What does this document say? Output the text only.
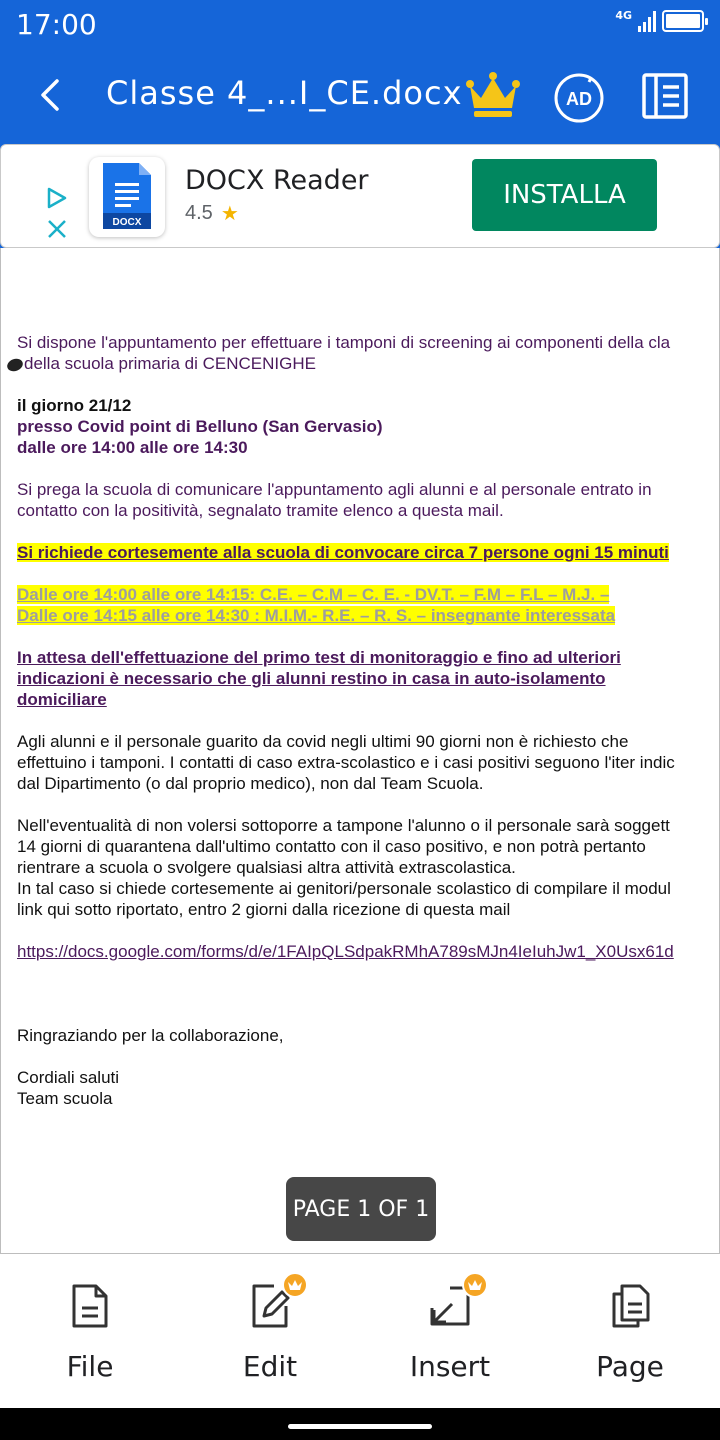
17:00	4G
Classe 4_...I_CE.docx	AD
DOCX
DOCX Reader
4.5 ★
INSTALLA
Si dispone l'appuntamento per effettuare i tamponi di screening ai componenti della cla
della scuola primaria di CENCENIGHE
il giorno 21/12
presso Covid point di Belluno (San Gervasio)
dalle ore 14:00 alle ore 14:30
Si prega la scuola di comunicare l'appuntamento agli alunni e al personale entrato in
contatto con la positività, segnalato tramite elenco a questa mail.
Si richiede cortesemente alla scuola di convocare circa 7 persone ogni 15 minuti
Dalle ore 14:00 alle ore 14:15: C.E. – C.M – C. E. - DV.T. – F.M – F.L – M.J. –
Dalle ore 14:15 alle ore 14:30 : M.I.M.- R.E. – R. S. – insegnante interessata
In attesa dell'effettuazione del primo test di monitoraggio e fino ad ulteriori
indicazioni è necessario che gli alunni restino in casa in auto-isolamento
domiciliare
Agli alunni e il personale guarito da covid negli ultimi 90 giorni non è richiesto che
effettuino i tamponi. I contatti di caso extra-scolastico e i casi positivi seguono l'iter indic
dal Dipartimento (o dal proprio medico), non dal Team Scuola.
Nell'eventualità di non volersi sottoporre a tampone l'alunno o il personale sarà soggett
14 giorni di quarantena dall'ultimo contatto con il caso positivo, e non potrà pertanto
rientrare a scuola o svolgere qualsiasi altra attività extrascolastica.
In tal caso si chiede cortesemente ai genitori/personale scolastico di compilare il modul
link qui sotto riportato, entro 2 giorni dalla ricezione di questa mail
https://docs.google.com/forms/d/e/1FAIpQLSdpakRMhA789sMJn4IeIuhJw1_X0Usx61d
Ringraziando per la collaborazione,
Cordiali saluti
Team scuola
PAGE 1 OF 1
File	Edit	Insert	Page
